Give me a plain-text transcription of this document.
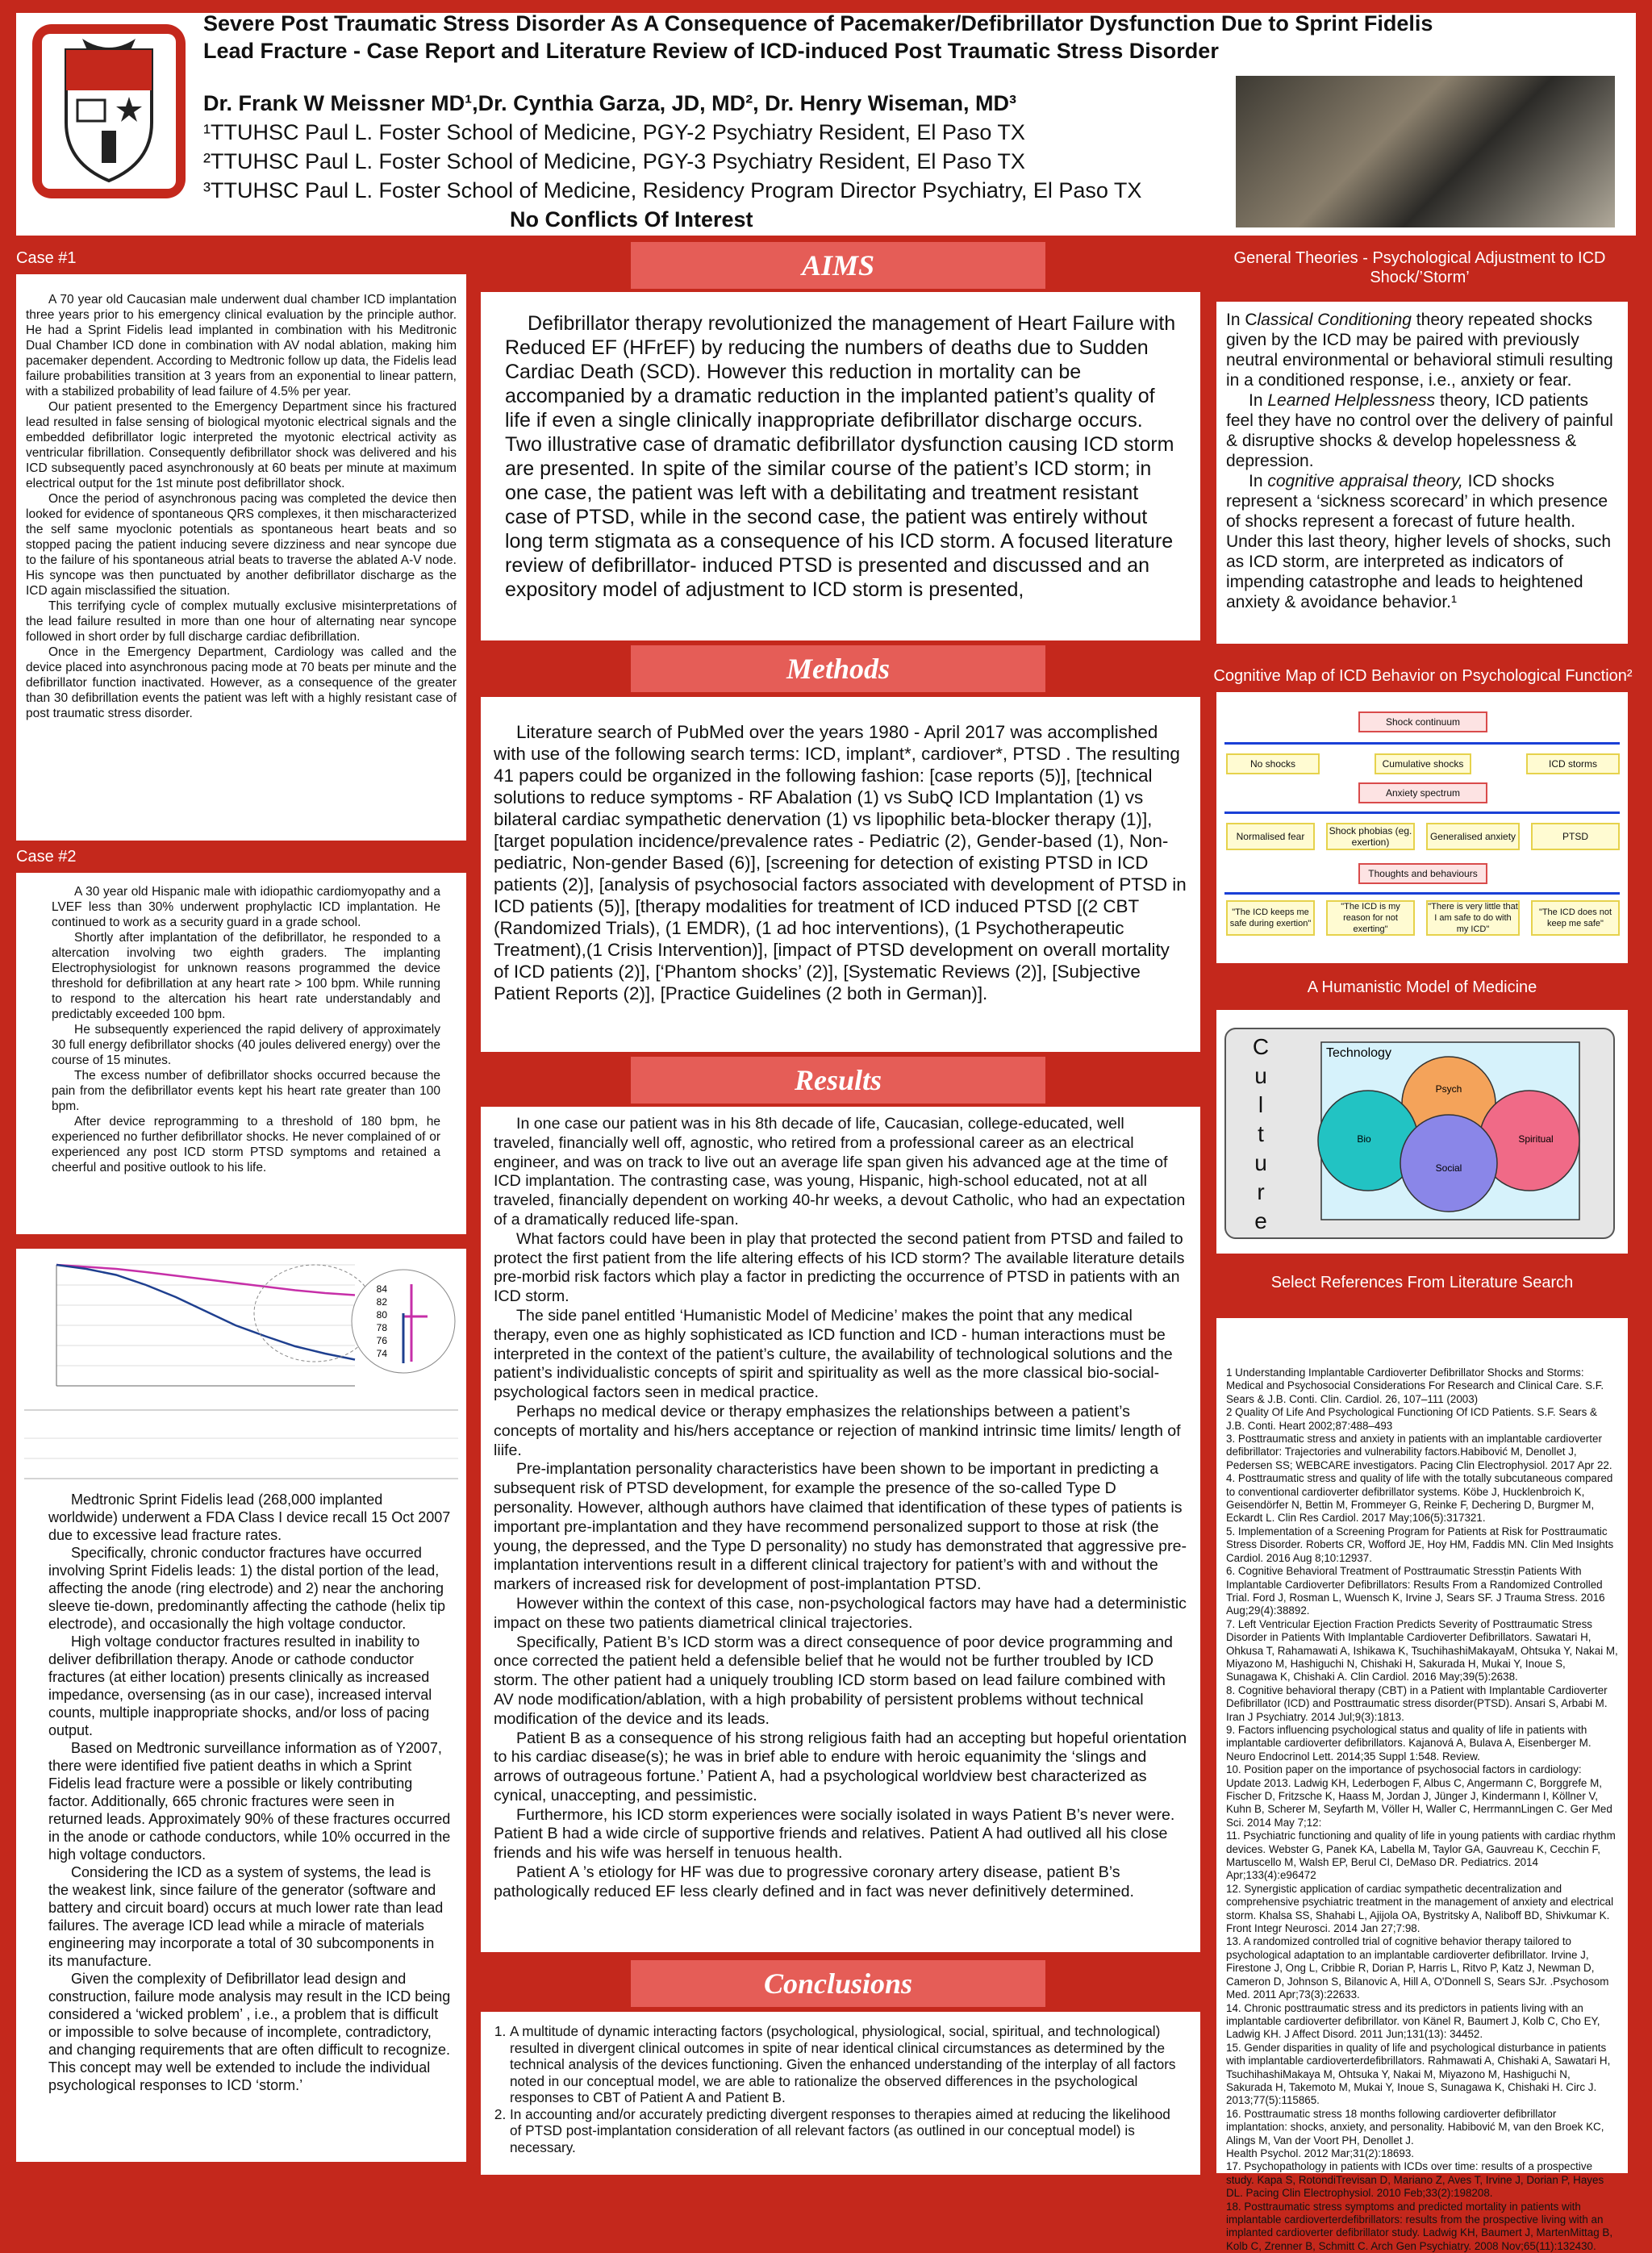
Severe Post Traumatic Stress Disorder As A Consequence of Pacemaker/Defibrillator Dysfunction Due to Sprint Fidelis
Lead Fracture - Case Report and Literature Review of ICD-induced Post Traumatic Stress Disorder
Dr. Frank W Meissner MD¹,Dr. Cynthia Garza, JD, MD², Dr. Henry Wiseman, MD³
¹TTUHSC Paul L. Foster School of Medicine, PGY-2 Psychiatry Resident, El Paso TX
²TTUHSC Paul L. Foster School of Medicine, PGY-3 Psychiatry Resident, El Paso TX
³TTUHSC Paul L. Foster School of Medicine, Residency Program Director Psychiatry, El Paso TX
No Conflicts Of Interest
Case #1

A 70 year old Caucasian male underwent dual chamber ICD implantation three years prior to his emergency clinical evaluation by the principle author. He had a Sprint Fidelis lead implanted in combination with his Meditronic Dual Chamber ICD done in combination with AV nodal ablation, making him pacemaker dependent. According to Medtronic follow up data, the Fidelis lead failure probabilities transition at 3 years from an exponential to linear pattern, with a stabilized probability of lead failure of 4.5% per year.

Our patient presented to the Emergency Department since his fractured lead resulted in false sensing of biological myotonic electrical signals and the embedded defibrillator logic interpreted the myotonic electrical activity as ventricular fibrillation. Consequently defibrillator shock was delivered and his ICD subsequently paced asynchronously at 60 beats per minute at maximum electrical output for the 1st minute post defibrillator shock.

Once the period of asynchronous pacing was completed the device then looked for evidence of spontaneous QRS complexes, it then mischaracterized the self same myoclonic potentials as spontaneous heart beats and so stopped pacing the patient inducing severe dizziness and near syncope due to the failure of his spontaneous atrial beats to traverse the ablated A-V node. His syncope was then punctuated by another defibrillator discharge as the ICD again misclassified the situation.

This terrifying cycle of complex mutually exclusive misinterpretations of the lead failure resulted in more than one hour of alternating near syncope followed in short order by full discharge cardiac defibrillation.

Once in the Emergency Department, Cardiology was called and the device placed into asynchronous pacing mode at 70 beats per minute and the defibrillator function inactivated. However, as a consequence of the greater than 30 defibrillation events the patient was left with a highly resistant case of post traumatic stress disorder.

Case #2

A 30 year old Hispanic male with idiopathic cardiomyopathy and a LVEF less than 30% underwent prophylactic ICD implantation. He continued to work as a security guard in a grade school.

Shortly after implantation of the defibrillator, he responded to a altercation involving two eighth graders. The implanting Electrophysiologist for unknown reasons programmed the device threshold for defibrillation at any heart rate > 100 bpm. While running to respond to the altercation his heart rate understandably and predictably exceeded 100 bpm.

He subsequently experienced the rapid delivery of approximately 30 full energy defibrillator shocks (40 joules delivered energy) over the course of 15 minutes.

The excess number of defibrillator shocks occurred because the pain from the defibrillator events kept his heart rate greater than 100 bpm.

After device reprogramming to a threshold of 180 bpm, he experienced no further defibrillator shocks. He never complained of or experienced any post ICD storm PTSD symptoms and retained a cheerful and positive outlook to his life.

84
82
80
78
76
74

Medtronic Sprint Fidelis lead (268,000 implanted worldwide) underwent a FDA Class I device recall 15 Oct 2007 due to excessive lead fracture rates.

Specifically, chronic conductor fractures have occurred involving Sprint Fidelis leads: 1) the distal portion of the lead, affecting the anode (ring electrode) and 2) near the anchoring sleeve tie-down, predominantly affecting the cathode (helix tip electrode), and occasionally the high voltage conductor.

High voltage conductor fractures resulted in inability to deliver defibrillation therapy. Anode or cathode conductor fractures (at either location) presents clinically as increased impedance, oversensing (as in our case), increased interval counts, multiple inappropriate shocks, and/or loss of pacing output.

Based on Medtronic surveillance information as of Y2007, there were identified five patient deaths in which a Sprint Fidelis lead fracture were a possible or likely contributing factor. Additionally, 665 chronic fractures were seen in returned leads. Approximately 90% of these fractures occurred in the anode or cathode conductors, while 10% occurred in the high voltage conductors.

Considering the ICD as a system of systems, the lead is the weakest link, since failure of the generator (software and battery and circuit board) occurs at much lower rate than lead failures. The average ICD lead while a miracle of materials engineering may incorporate a total of 30 subcomponents in its manufacture.

Given the complexity of Defibrillator lead design and construction, failure mode analysis may result in the ICD being considered a ‘wicked problem’ , i.e., a problem that is difficult or impossible to solve because of incomplete, contradictory, and changing requirements that are often difficult to recognize. This concept may well be extended to include the individual psychological responses to ICD ‘storm.’

AIMS

Defibrillator therapy revolutionized the management of Heart Failure with Reduced EF (HFrEF) by reducing the numbers of deaths due to Sudden Cardiac Death (SCD). However this reduction in mortality can be accompanied by a dramatic reduction in the implanted patient’s quality of life if even a single clinically inappropriate defibrillator discharge occurs. Two illustrative case of dramatic defibrillator dysfunction causing ICD storm are presented. In spite of the similar course of the patient’s ICD storm; in one case, the patient was left with a debilitating and treatment resistant case of PTSD, while in the second case, the patient was entirely without long term stigmata as a consequence of his ICD storm. A focused literature review of defibrillator- induced PTSD is presented and discussed and an expository model of adjustment to ICD storm is presented,

Methods

Literature search of PubMed over the years 1980 - April 2017 was accomplished with use of the following search terms: ICD, implant*, cardiover*, PTSD . The resulting 41 papers could be organized in the following fashion: [case reports (5)], [technical solutions to reduce symptoms - RF Abalation (1) vs SubQ ICD Implantation (1) vs bilateral cardiac sympathetic denervation (1) vs lipophilic beta-blocker therapy (1)], [target population incidence/prevalence rates - Pediatric (2), Gender-based (1), Non-pediatric, Non-gender Based (6)], [screening for detection of existing PTSD in ICD patients (2)], [analysis of psychosocial factors associated with development of PTSD in ICD patients (5)], [therapy modalities for treatment of ICD induced PTSD [(2 CBT (Randomized Trials), (1 EMDR), (1 ad hoc interventions), (1 Psychotherapeutic Treatment),(1 Crisis Intervention)], [impact of PTSD development on overall mortality of ICD patients (2)], [‘Phantom shocks’ (2)], [Systematic Reviews (2)], [Subjective Patient Reports (2)], [Practice Guidelines (2 both in German)].

Results

In one case our patient was in his 8th decade of life, Caucasian, college-educated, well traveled, financially well off, agnostic, who retired from a professional career as an electrical engineer, and was on track to live out an average life span given his advanced age at the time of ICD implantation. The contrasting case, was young, Hispanic, high-school educated, not at all traveled, financially dependent on working 40-hr weeks, a devout Catholic, who had an expectation of a dramatically reduced life-span.

What factors could have been in play that protected the second patient from PTSD and failed to protect the first patient from the life altering effects of his ICD storm? The available literature details pre-morbid risk factors which play a factor in predicting the occurrence of PTSD in patients with an ICD storm.

The side panel entitled ‘Humanistic Model of Medicine’ makes the point that any medical therapy, even one as highly sophisticated as ICD function and ICD - human interactions must be interpreted in the context of the patient’s culture, the availability of technological solutions and the patient’s individualistic concepts of spirit and spirituality as well as the more classical bio-social-psychological factors seen in medical practice.

Perhaps no medical device or therapy emphasizes the relationships between a patient’s concepts of mortality and his/hers acceptance or rejection of mankind intrinsic time limits/ length of liife.

Pre-implantation personality characteristics have been shown to be important in predicting a subsequent risk of PTSD development, for example the presence of the so-called Type D personality. However, although authors have claimed that identification of these types of patients is important pre-implantation and they have recommend personalized support to those at risk (the young, the depressed, and the Type D personality) no study has demonstrated that aggressive pre-implantation interventions result in a different clinical trajectory for patient’s with and without the markers of increased risk for development of post-implantation PTSD.

However within the context of this case, non-psychological factors may have had a deterministic impact on these two patients diametrical clinical trajectories.

Specifically, Patient B’s ICD storm was a direct consequence of poor device programming and once corrected the patient held a defensible belief that he would not be further troubled by ICD storm. The other patient had a uniquely troubling ICD storm based on lead failure combined with AV node modification/ablation, with a high probability of persistent problems without technical modification of the device and its leads.

Patient B as a consequence of his strong religious faith had an accepting but hopeful orientation to his cardiac disease(s); he was in brief able to endure with heroic equanimity the ‘slings and arrows of outrageous fortune.’ Patient A, had a psychological worldview best characterized as cynical, unaccepting, and pessimistic.

Furthermore, his ICD storm experiences were socially isolated in ways Patient B’s never were. Patient B had a wide circle of supportive friends and relatives. Patient A had outlived all his close friends and his wife was herself in tenuous health.

Patient A ’s etiology for HF was due to progressive coronary artery disease, patient B’s pathologically reduced EF less clearly defined and in fact was never definitively determined.

Conclusions
1. A multitude of dynamic interacting factors (psychological, physiological, social, spiritual, and technological) resulted in divergent clinical outcomes in spite of near identical clinical circumstances as determined by the technical analysis of the devices functioning. Given the enhanced understanding of the interplay of all factors noted in our conceptual model, we are able to rationalize the observed differences in the psychological responses to CBT of Patient A and Patient B.
2. In accounting and/or accurately predicting divergent responses to therapies aimed at reducing the likelihood of PTSD post-implantation consideration of all relevant factors (as outlined in our conceptual model) is necessary.
General Theories - Psychological Adjustment to ICD Shock/’Storm’

In Classical Conditioning theory repeated shocks given by the ICD may be paired with previously neutral environmental or behavioral stimuli resulting in a conditioned response, i.e., anxiety or fear.

In Learned Helplessness theory, ICD patients feel they have no control over the delivery of painful & disruptive shocks & develop hopelessness & depression.

In cognitive appraisal theory, ICD shocks represent a ‘sickness scorecard’ in which presence of shocks represent a forecast of future health. Under this last theory, higher levels of shocks, such as ICD storm, are interpreted as indicators of impending catastrophe and leads to heightened anxiety & avoidance behavior.¹

Cognitive Map of ICD Behavior on Psychological Function²
Shock continuum
No shocks	Cumulative shocks	ICD storms
Anxiety spectrum
Normalised fear	Shock phobias (eg. exertion)	Generalised anxiety	PTSD
Thoughts and behaviours
"The ICD keeps me safe during exertion"
"The ICD is my reason for not exerting"
"There is very little that I am safe to do with my ICD"
"The ICD does not keep me safe"
A Humanistic Model of Medicine
C
u
l
t
u
r
e
Technology
Psych
Bio	Spiritual
Social
Select References From Literature Search
1 Understanding Implantable Cardioverter Defibrillator Shocks and Storms: Medical and Psychosocial Considerations For Research and Clinical Care. S.F. Sears & J.B. Conti. Clin. Cardiol. 26, 107–111 (2003)
2 Quality Of Life And Psychological Functioning Of ICD Patients. S.F. Sears & J.B. Conti. Heart 2002;87:488–493
3. Posttraumatic stress and anxiety in patients with an implantable cardioverter defibrillator: Trajectories and vulnerability factors.Habibović M, Denollet J, Pedersen SS; WEBCARE investigators. Pacing Clin Electrophysiol. 2017 Apr 22.
4. Posttraumatic stress and quality of life with the totally subcutaneous compared to conventional cardioverter defibrillator systems. Köbe J, Hucklenbroich K, Geisendörfer N, Bettin M, Frommeyer G, Reinke F, Dechering D, Burgmer M, Eckardt L. Clin Res Cardiol. 2017 May;106(5):317321.
5. Implementation of a Screening Program for Patients at Risk for Posttraumatic Stress Disorder. Roberts CR, Wofford JE, Hoy HM, Faddis MN. Clin Med Insights Cardiol. 2016 Aug 8;10:12937.
6. Cognitive Behavioral Treatment of Posttraumatic Stressṭin Patients With Implantable Cardioverter Defibrillators: Results From a Randomized Controlled Trial. Ford J, Rosman L, Wuensch K, Irvine J, Sears SF. J Trauma Stress. 2016 Aug;29(4):38892.
7. Left Ventricular Ejection Fraction Predicts Severity of Posttraumatic Stress Disorder in Patients With Implantable Cardioverter Defibrillators. Sawatari H, Ohkusa T, Rahamawati A, Ishikawa K, TsuchihashiMakayaM, Ohtsuka Y, Nakai M, Miyazono M, Hashiguchi N, Chishaki H, Sakurada H, Mukai Y, Inoue S, Sunagawa K, Chishaki A. Clin Cardiol. 2016 May;39(5):2638.
8. Cognitive behavioral therapy (CBT) in a Patient with Implantable Cardioverter Defibrillator (ICD) and Posttraumatic stress disorder(PTSD). Ansari S, Arbabi M. Iran J Psychiatry. 2014 Jul;9(3):1813.
9. Factors influencing psychological status and quality of life in patients with implantable cardioverter defibrillators. Kajanová A, Bulava A, Eisenberger M. Neuro Endocrinol Lett. 2014;35 Suppl 1:548. Review.
10. Position paper on the importance of psychosocial factors in cardiology: Update 2013. Ladwig KH, Lederbogen F, Albus C, Angermann C, Borggrefe M, Fischer D, Fritzsche K, Haass M, Jordan J, Jünger J, Kindermann I, Köllner V, Kuhn B, Scherer M, Seyfarth M, Völler H, Waller C, HerrmannLingen C. Ger Med Sci. 2014 May 7;12:
11. Psychiatric functioning and quality of life in young patients with cardiac rhythm devices. Webster G, Panek KA, Labella M, Taylor GA, Gauvreau K, Cecchin F, Martuscello M, Walsh EP, Berul CI, DeMaso DR. Pediatrics. 2014 Apr;133(4):e96472
12. Synergistic application of cardiac sympathetic decentralization and comprehensive psychiatric treatment in the management of anxiety and electrical storm. Khalsa SS, Shahabi L, Ajijola OA, Bystritsky A, Naliboff BD, Shivkumar K. Front Integr Neurosci. 2014 Jan 27;7:98.
13. A randomized controlled trial of cognitive behavior therapy tailored to psychological adaptation to an implantable cardioverter defibrillator. Irvine J, Firestone J, Ong L, Cribbie R, Dorian P, Harris L, Ritvo P, Katz J, Newman D, Cameron D, Johnson S, Bilanovic A, Hill A, O'Donnell S, Sears SJr. .Psychosom Med. 2011 Apr;73(3):22633.
14. Chronic posttraumatic stress and its predictors in patients living with an implantable cardioverter defibrillator. von Känel R, Baumert J, Kolb C, Cho EY, Ladwig KH. J Affect Disord. 2011 Jun;131(13): 34452.
15. Gender disparities in quality of life and psychological disturbance in patients with implantable cardioverterdefibrillators. Rahmawati A, Chishaki A, Sawatari H, TsuchihashiMakaya M, Ohtsuka Y, Nakai M, Miyazono M, Hashiguchi N, Sakurada H, Takemoto M, Mukai Y, Inoue S, Sunagawa K, Chishaki H. Circ J. 2013;77(5):115865.
16. Posttraumatic stress 18 months following cardioverter defibrillator implantation: shocks, anxiety, and personality. Habibović M, van den Broek KC, Alings M, Van der Voort PH, Denollet J.
Health Psychol. 2012 Mar;31(2):18693.
17. Psychopathology in patients with ICDs over time: results of a prospective study. Kapa S, RotondiTrevisan D, Mariano Z, Aves T, Irvine J, Dorian P, Hayes DL. Pacing Clin Electrophysiol. 2010 Feb;33(2):198208.
18. Posttraumatic stress symptoms and predicted mortality in patients with implantable cardioverterdefibrillators: results from the prospective living with an implanted cardioverter defibrillator study. Ladwig KH, Baumert J, MartenMittag B, Kolb C, Zrenner B, Schmitt C. Arch Gen Psychiatry. 2008 Nov;65(11):132430.
